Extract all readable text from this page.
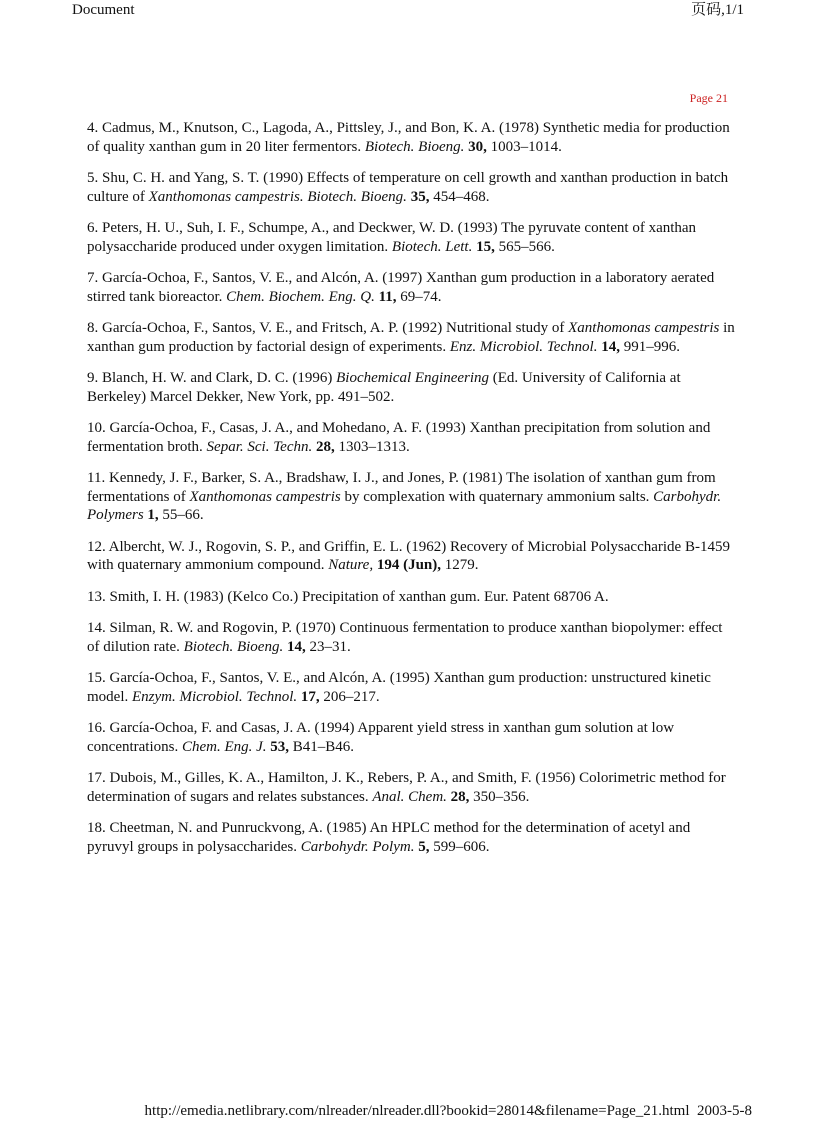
Document	页码,1/1
Page 21

4. Cadmus, M., Knutson, C., Lagoda, A., Pittsley, J., and Bon, K. A. (1978) Synthetic media for production of quality xanthan gum in 20 liter fermentors. Biotech. Bioeng. 30, 1003–1014.

5. Shu, C. H. and Yang, S. T. (1990) Effects of temperature on cell growth and xanthan production in batch culture of Xanthomonas campestris. Biotech. Bioeng. 35, 454–468.

6. Peters, H. U., Suh, I. F., Schumpe, A., and Deckwer, W. D. (1993) The pyruvate content of xanthan polysaccharide produced under oxygen limitation. Biotech. Lett. 15, 565–566.

7. García-Ochoa, F., Santos, V. E., and Alcón, A. (1997) Xanthan gum production in a laboratory aerated stirred tank bioreactor. Chem. Biochem. Eng. Q. 11, 69–74.

8. García-Ochoa, F., Santos, V. E., and Fritsch, A. P. (1992) Nutritional study of Xanthomonas campestris in xanthan gum production by factorial design of experiments. Enz. Microbiol. Technol. 14, 991–996.

9. Blanch, H. W. and Clark, D. C. (1996) Biochemical Engineering (Ed. University of California at Berkeley) Marcel Dekker, New York, pp. 491–502.

10. García-Ochoa, F., Casas, J. A., and Mohedano, A. F. (1993) Xanthan precipitation from solution and fermentation broth. Separ. Sci. Techn. 28, 1303–1313.

11. Kennedy, J. F., Barker, S. A., Bradshaw, I. J., and Jones, P. (1981) The isolation of xanthan gum from fermentations of Xanthomonas campestris by complexation with quaternary ammonium salts. Carbohydr. Polymers 1, 55–66.

12. Albercht, W. J., Rogovin, S. P., and Griffin, E. L. (1962) Recovery of Microbial Polysaccharide B-1459 with quaternary ammonium compound. Nature, 194 (Jun), 1279.

13. Smith, I. H. (1983) (Kelco Co.) Precipitation of xanthan gum. Eur. Patent 68706 A.

14. Silman, R. W. and Rogovin, P. (1970) Continuous fermentation to produce xanthan biopolymer: effect of dilution rate. Biotech. Bioeng. 14, 23–31.

15. García-Ochoa, F., Santos, V. E., and Alcón, A. (1995) Xanthan gum production: unstructured kinetic model. Enzym. Microbiol. Technol. 17, 206–217.

16. García-Ochoa, F. and Casas, J. A. (1994) Apparent yield stress in xanthan gum solution at low concentrations. Chem. Eng. J. 53, B41–B46.

17. Dubois, M., Gilles, K. A., Hamilton, J. K., Rebers, P. A., and Smith, F. (1956) Colorimetric method for determination of sugars and relates substances. Anal. Chem. 28, 350–356.

18. Cheetman, N. and Punruckvong, A. (1985) An HPLC method for the determination of acetyl and pyruvyl groups in polysaccharides. Carbohydr. Polym. 5, 599–606.

http://emedia.netlibrary.com/nlreader/nlreader.dll?bookid=28014&filename=Page_21.html 2003-5-8
